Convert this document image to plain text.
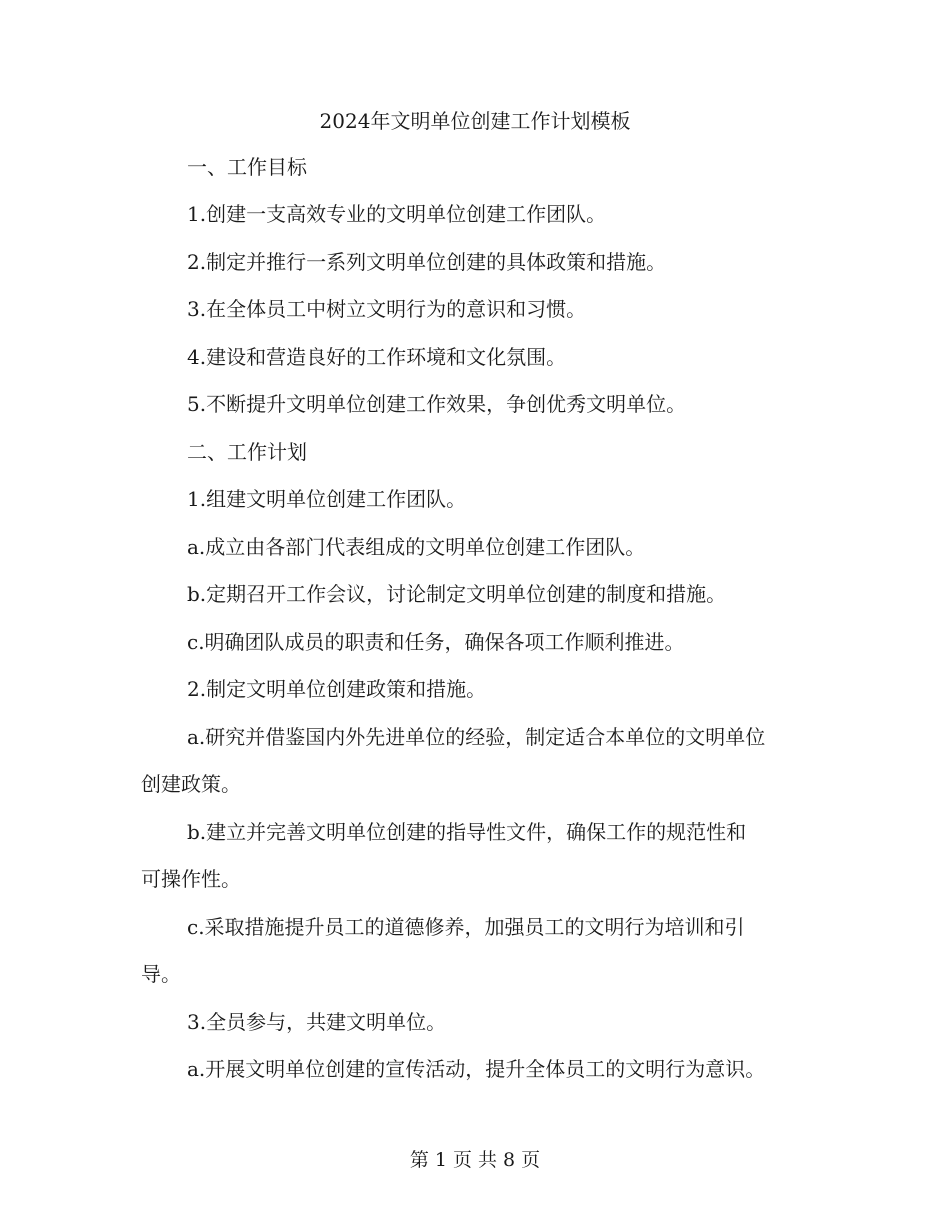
2024年文明单位创建工作计划模板
一、工作目标
1.创建一支高效专业的文明单位创建工作团队。
2.制定并推行一系列文明单位创建的具体政策和措施。
3.在全体员工中树立文明行为的意识和习惯。
4.建设和营造良好的工作环境和文化氛围。
5.不断提升文明单位创建工作效果，争创优秀文明单位。
二、工作计划
1.组建文明单位创建工作团队。
a.成立由各部门代表组成的文明单位创建工作团队。
b.定期召开工作会议，讨论制定文明单位创建的制度和措施。
c.明确团队成员的职责和任务，确保各项工作顺利推进。
2.制定文明单位创建政策和措施。
a.研究并借鉴国内外先进单位的经验，制定适合本单位的文明单位
创建政策。
b.建立并完善文明单位创建的指导性文件，确保工作的规范性和
可操作性。
c.采取措施提升员工的道德修养，加强员工的文明行为培训和引
导。
3.全员参与，共建文明单位。
a.开展文明单位创建的宣传活动，提升全体员工的文明行为意识。
第 1 页 共 8 页
